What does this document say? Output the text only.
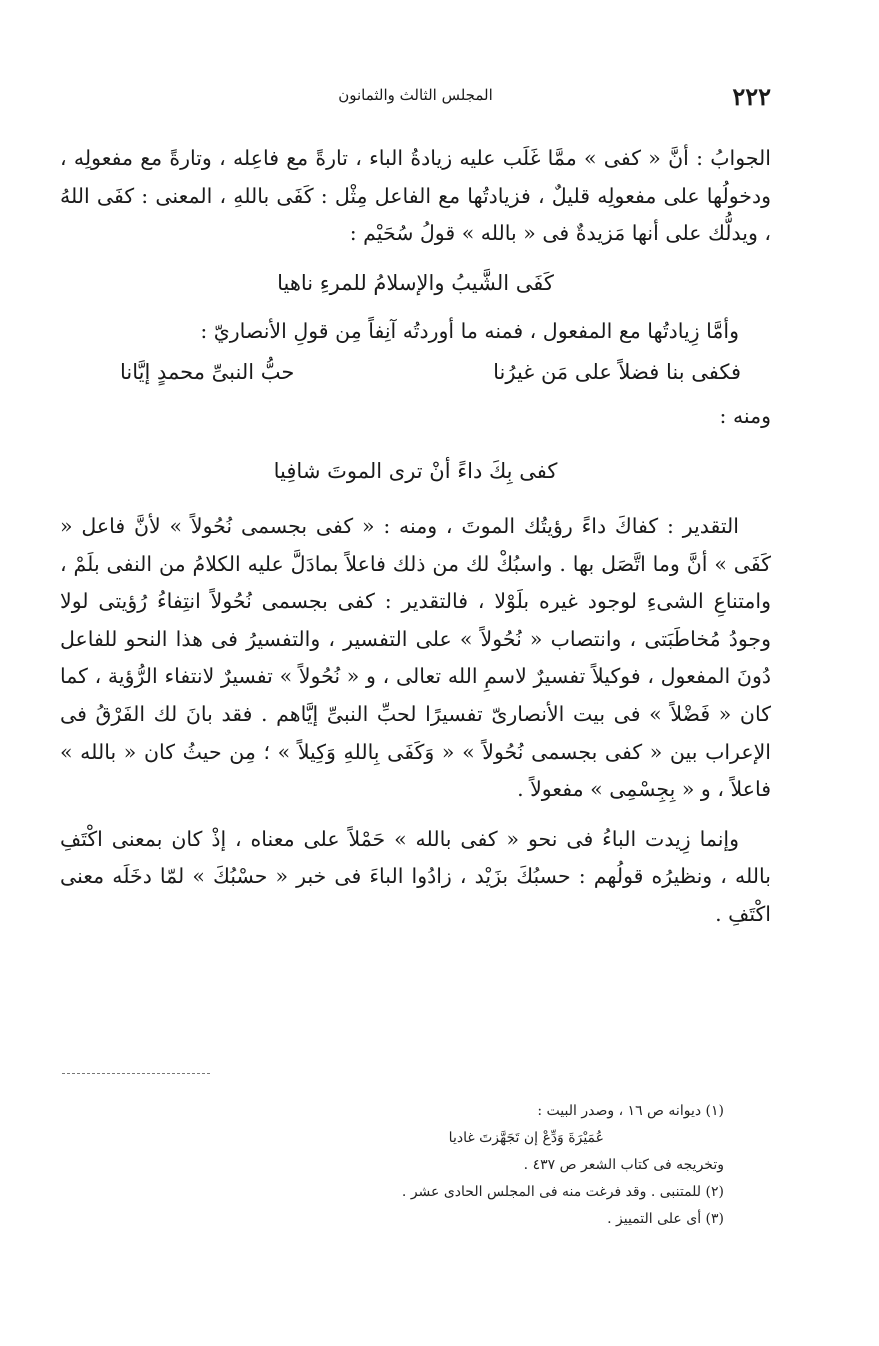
٢٢٢
المجلس الثالث والثمانون

الجوابُ : أنَّ « كفى » ممَّا غَلَب عليه زيادةُ الباء ، تارةً مع فاعِله ، وتارةً مع مفعولِه ، ودخولُها على مفعولِه قليلٌ ، فزيادتُها مع الفاعل مِثْل : كَفَى باللهِ ، المعنى : كفَى اللهُ ، ويدلُّك على أنها مَزيدةٌ فى « بالله » قولُ سُحَيْم :

كَفَى الشَّيبُ والإسلامُ للمرءِ ناهيا

وأمَّا زِيادتُها مع المفعول ، فمنه ما أوردتُه آنِفاً مِن قولِ الأنصاريّ :

فكفى بنا فضلاً على مَن غيرُنا
حبُّ النبىِّ محمدٍ إيَّانا

ومنه :

كفى بِكَ داءً أنْ ترى الموتَ شافِيا

التقدير : كفاكَ داءً رؤيتُك الموتَ ، ومنه : « كفى بجسمى نُحُولاً » لأنَّ فاعل « كَفَى » أنَّ وما اتَّصَل بها . واسبُكْ لك من ذلك فاعلاً بمادَلَّ عليه الكلامُ من النفى بلَمْ ، وامتناعِ الشىءِ لوجود غيره بلَوْلا ، فالتقدير : كفى بجسمى نُحُولاً انتِفاءُ رُؤيتى لولا وجودُ مُخاطَبَتى ، وانتصاب « نُحُولاً » على التفسير ، والتفسيرُ فى هذا النحو للفاعل دُونَ المفعول ، فوكيلاً تفسيرٌ لاسمِ الله تعالى ، و « نُحُولاً » تفسيرٌ لانتفاء الرُّؤية ، كما كان « فَضْلاً » فى بيت الأنصارىّ تفسيرًا لحبِّ النبىِّ إيَّاهم . فقد بانَ لك الفَرْقُ فى الإعراب بين « كفى بجسمى نُحُولاً » « وَكَفَى بِاللهِ وَكِيلاً » ؛ مِن حيثُ كان « بالله » فاعلاً ، و « بِجِسْمِى » مفعولاً .

وإنما زِيدت الباءُ فى نحو « كفى بالله » حَمْلاً على معناه ، إذْ كان بمعنى اكْتَفِ بالله ، ونظيرُه قولُهم : حسبُكَ بزَيْد ، زادُوا الباءَ فى خبر « حسْبُكَ » لمّا دخَلَه معنى اكْتَفِ .

(١) ديوانه ص ١٦ ، وصدر البيت :

عُمَيْرَةَ وَدِّعْ إن تَجَهَّزتَ غاديا

وتخريجه فى كتاب الشعر ص ٤٣٧ .

(٢) للمتنبى . وقد فرغت منه فى المجلس الحادى عشر .

(٣) أى على التمييز .
